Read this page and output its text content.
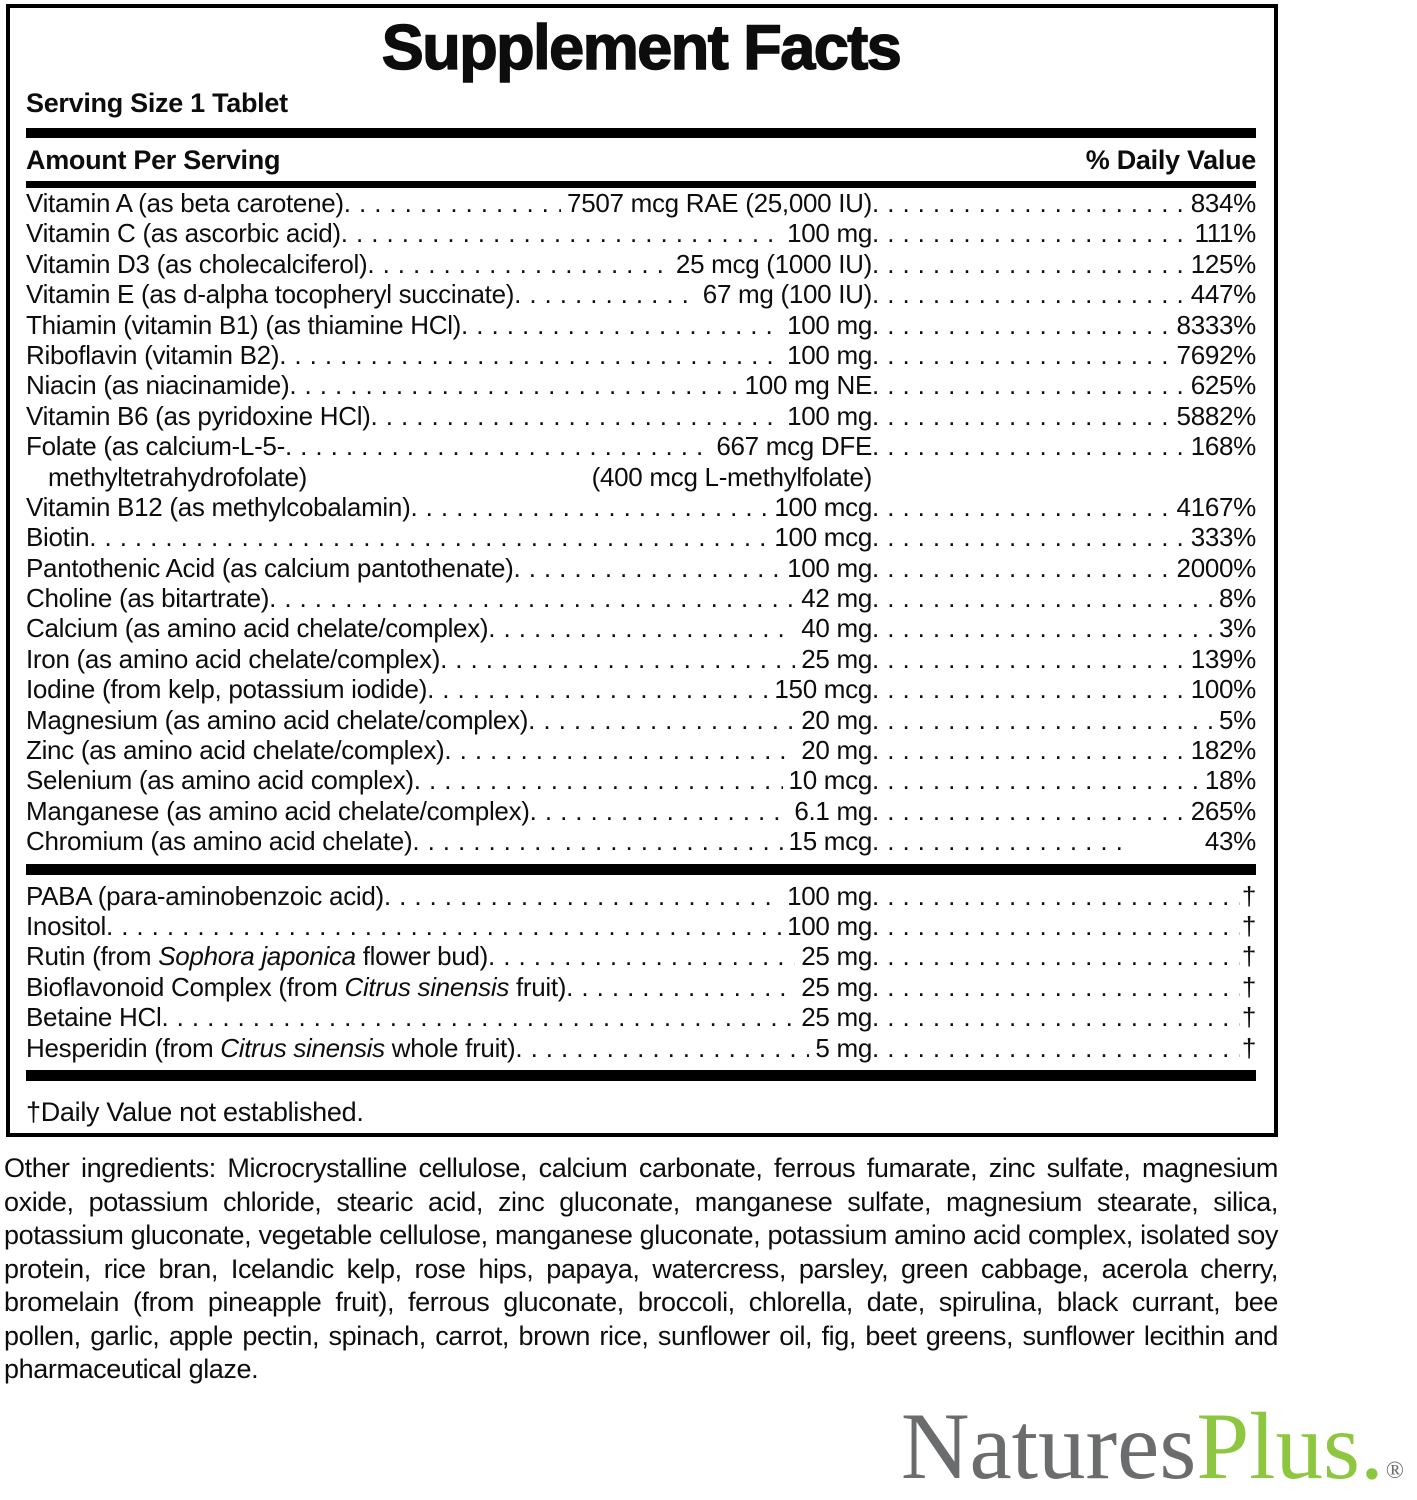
Supplement Facts
Serving Size 1 Tablet
Amount Per Serving	% Daily Value
Vitamin A (as beta carotene) .....	7507 mcg RAE (25,000 IU) .....	834%
Vitamin C (as ascorbic acid) .....	100 mg .....	111%
Vitamin D3 (as cholecalciferol) .....	25 mcg (1000 IU) .....	125%
Vitamin E (as d-alpha tocopheryl succinate) .....	67 mg (100 IU) .....	447%
Thiamin (vitamin B1) (as thiamine HCl) .....	100 mg .....	8333%
Riboflavin (vitamin B2) .....	100 mg .....	7692%
Niacin (as niacinamide) .....	100 mg NE .....	625%
Vitamin B6 (as pyridoxine HCl) .....	100 mg .....	5882%
Folate (as calcium-L-5- .....	667 mcg DFE .....	168%
methyltetrahydrofolate)	(400 mcg L-methylfolate)
Vitamin B12 (as methylcobalamin) .....	100 mcg .....	4167%
Biotin .....	100 mcg .....	333%
Pantothenic Acid (as calcium pantothenate) .....	100 mg .....	2000%
Choline (as bitartrate) .....	42 mg .....	8%
Calcium (as amino acid chelate/complex) .....	40 mg .....	3%
Iron (as amino acid chelate/complex) .....	25 mg .....	139%
Iodine (from kelp, potassium iodide) .....	150 mcg .....	100%
Magnesium (as amino acid chelate/complex) .....	20 mg .....	5%
Zinc (as amino acid chelate/complex) .....	20 mg .....	182%
Selenium (as amino acid complex) .....	10 mcg .....	18%
Manganese (as amino acid chelate/complex) .....	6.1 mg .....	265%
Chromium (as amino acid chelate) .....	15 mcg .....	43%
PABA (para-aminobenzoic acid) .....	100 mg .....	†
Inositol .....	100 mg .....	†
Rutin (from Sophora japonica flower bud) .....	25 mg .....	†
Bioflavonoid Complex (from Citrus sinensis fruit) .....	25 mg .....	†
Betaine HCl .....	25 mg .....	†
Hesperidin (from Citrus sinensis whole fruit) .....	5 mg .....	†
†Daily Value not established.
Other ingredients: Microcrystalline cellulose, calcium carbonate, ferrous fumarate, zinc sulfate, magnesium oxide, potassium chloride, stearic acid, zinc gluconate, manganese sulfate, magnesium stearate, silica, potassium gluconate, vegetable cellulose, manganese gluconate, potassium amino acid complex, isolated soy protein, rice bran, Icelandic kelp, rose hips, papaya, watercress, parsley, green cabbage, acerola cherry, bromelain (from pineapple fruit), ferrous gluconate, broccoli, chlorella, date, spirulina, black currant, bee pollen, garlic, apple pectin, spinach, carrot, brown rice, sunflower oil, fig, beet greens, sunflower lecithin and pharmaceutical glaze.
NaturesPlus.®
